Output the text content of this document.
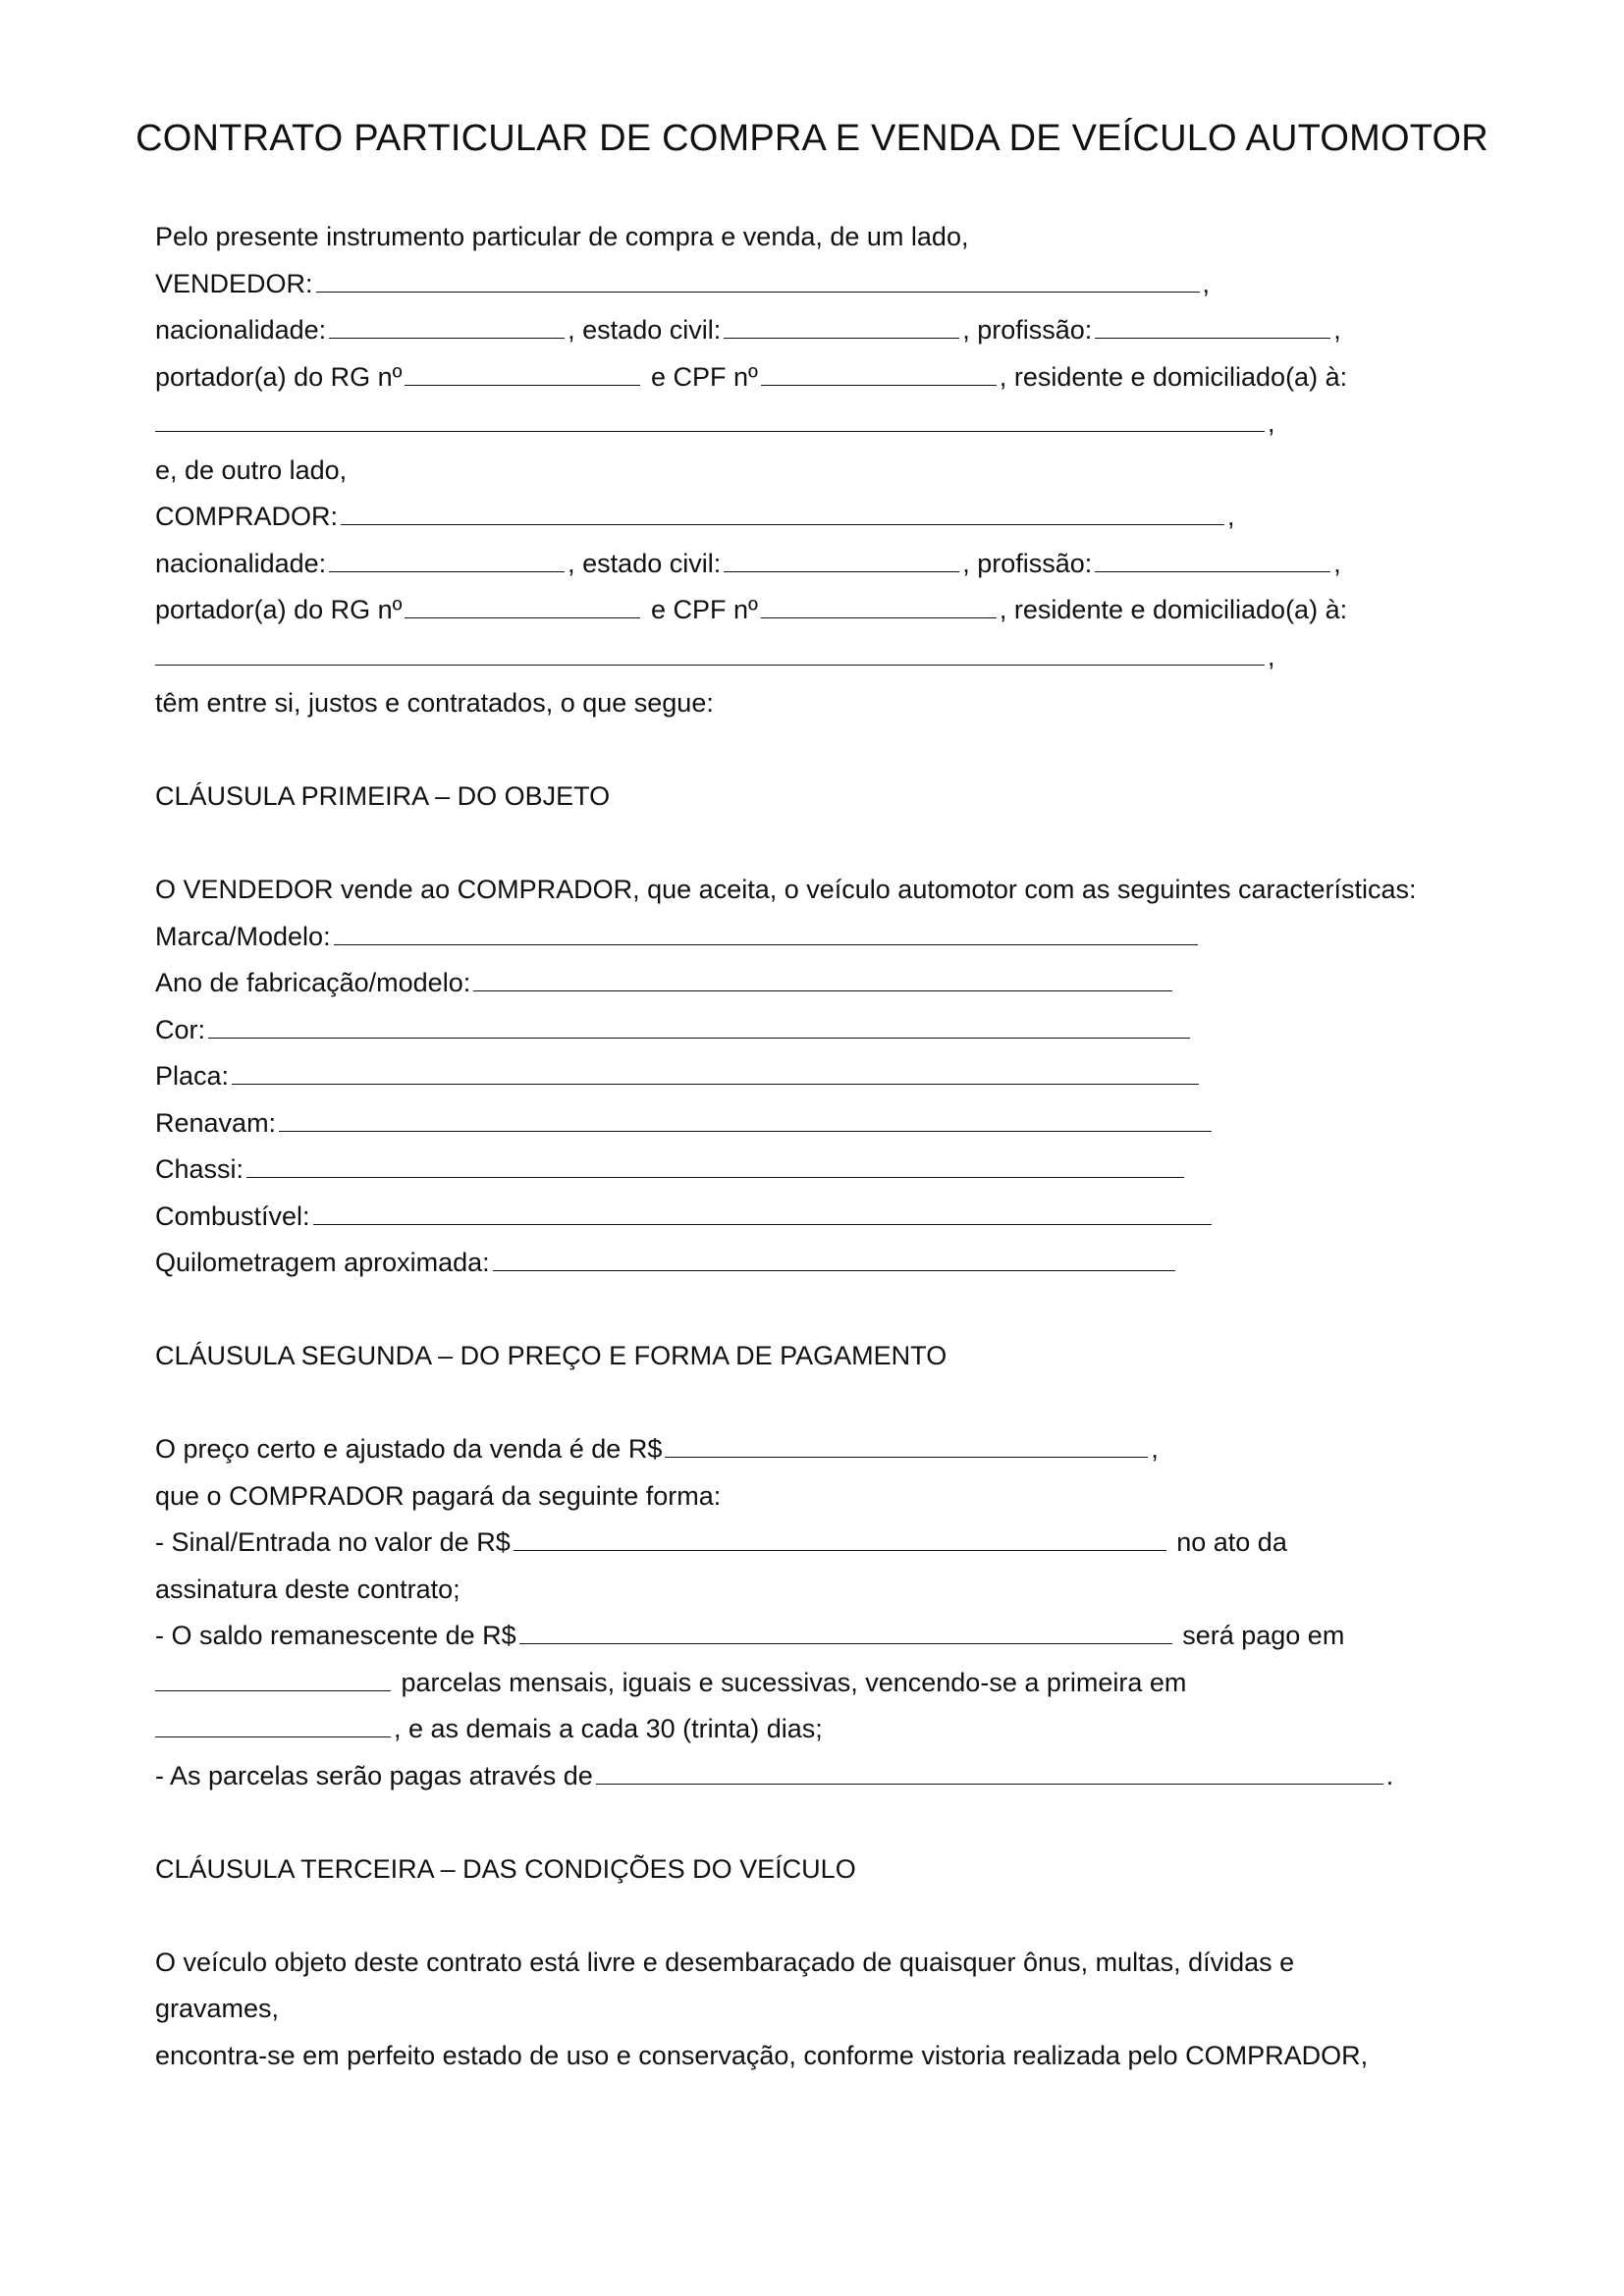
CONTRATO PARTICULAR DE COMPRA E VENDA DE VEÍCULO AUTOMOTOR
Pelo presente instrumento particular de compra e venda, de um lado,
VENDEDOR:	,
nacionalidade:	, estado civil:	, profissão:	,
portador(a) do RG nº	e CPF nº	, residente e domiciliado(a) à:
,
e, de outro lado,
COMPRADOR:	,
nacionalidade:	, estado civil:	, profissão:	,
portador(a) do RG nº	e CPF nº	, residente e domiciliado(a) à:
,
têm entre si, justos e contratados, o que segue:
CLÁUSULA PRIMEIRA – DO OBJETO
O VENDEDOR vende ao COMPRADOR, que aceita, o veículo automotor com as seguintes características:
Marca/Modelo:
Ano de fabricação/modelo:
Cor:
Placa:
Renavam:
Chassi:
Combustível:
Quilometragem aproximada:
CLÁUSULA SEGUNDA – DO PREÇO E FORMA DE PAGAMENTO
O preço certo e ajustado da venda é de R$	,
que o COMPRADOR pagará da seguinte forma:
- Sinal/Entrada no valor de R$	no ato da
assinatura deste contrato;
- O saldo remanescente de R$	será pago em
parcelas mensais, iguais e sucessivas, vencendo-se a primeira em
, e as demais a cada 30 (trinta) dias;
- As parcelas serão pagas através de	.
CLÁUSULA TERCEIRA – DAS CONDIÇÕES DO VEÍCULO
O veículo objeto deste contrato está livre e desembaraçado de quaisquer ônus, multas, dívidas e
gravames,
encontra-se em perfeito estado de uso e conservação, conforme vistoria realizada pelo COMPRADOR,
